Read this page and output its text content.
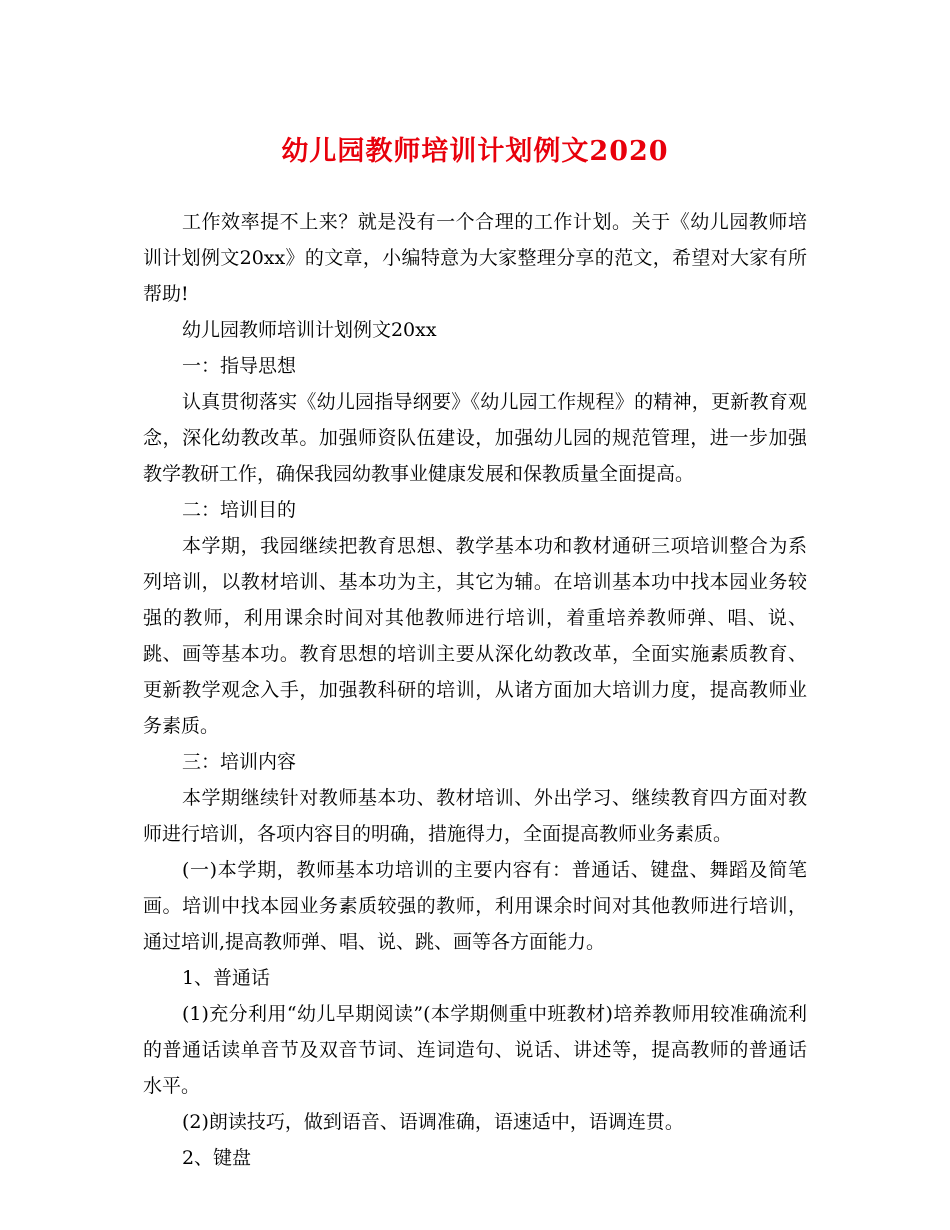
幼儿园教师培训计划例文2020

工作效率提不上来？就是没有一个合理的工作计划。关于《幼儿园教师培训计划例文20xx》的文章，小编特意为大家整理分享的范文，希望对大家有所帮助!

幼儿园教师培训计划例文20xx

一：指导思想

认真贯彻落实《幼儿园指导纲要》《幼儿园工作规程》的精神，更新教育观念，深化幼教改革。加强师资队伍建设，加强幼儿园的规范管理，进一步加强教学教研工作，确保我园幼教事业健康发展和保教质量全面提高。

二：培训目的

本学期，我园继续把教育思想、教学基本功和教材通研三项培训整合为系列培训，以教材培训、基本功为主，其它为辅。在培训基本功中找本园业务较强的教师，利用课余时间对其他教师进行培训，着重培养教师弹、唱、说、跳、画等基本功。教育思想的培训主要从深化幼教改革，全面实施素质教育、更新教学观念入手，加强教科研的培训，从诸方面加大培训力度，提高教师业务素质。

三：培训内容

本学期继续针对教师基本功、教材培训、外出学习、继续教育四方面对教师进行培训，各项内容目的明确，措施得力，全面提高教师业务素质。

(一)本学期，教师基本功培训的主要内容有：普通话、键盘、舞蹈及简笔画。培训中找本园业务素质较强的教师，利用课余时间对其他教师进行培训，通过培训,提高教师弹、唱、说、跳、画等各方面能力。

1、普通话

(1)充分利用“幼儿早期阅读”(本学期侧重中班教材)培养教师用较准确流利的普通话读单音节及双音节词、连词造句、说话、讲述等，提高教师的普通话水平。

(2)朗读技巧，做到语音、语调准确，语速适中，语调连贯。

2、键盘
